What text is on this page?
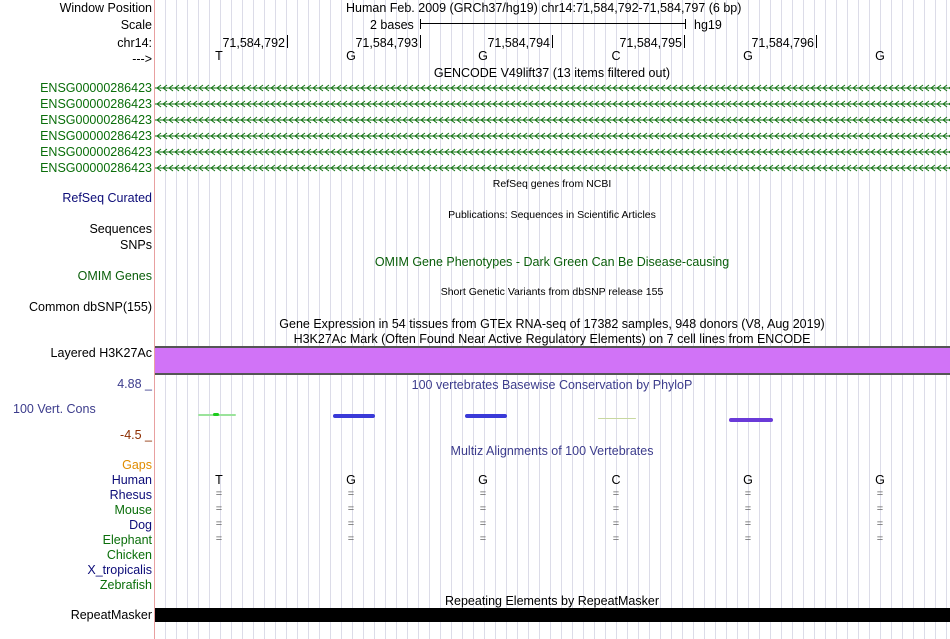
Window Position	Human Feb. 2009 (GRCh37/hg19) chr14:71,584,792-71,584,797 (6 bp)
Scale	2 bases	hg19
chr14:	71,584,792	71,584,793	71,584,794	71,584,795	71,584,796
--->	T	G	G	C	G	G
GENCODE V49lift37 (13 items filtered out)
ENSG00000286423
ENSG00000286423
ENSG00000286423
ENSG00000286423
ENSG00000286423
ENSG00000286423
RefSeq genes from NCBI
RefSeq Curated
Publications: Sequences in Scientific Articles
Sequences
SNPs
OMIM Gene Phenotypes - Dark Green Can Be Disease-causing
OMIM Genes
Short Genetic Variants from dbSNP release 155
Common dbSNP(155)
Gene Expression in 54 tissues from GTEx RNA-seq of 17382 samples, 948 donors (V8, Aug 2019)
H3K27Ac Mark (Often Found Near Active Regulatory Elements) on 7 cell lines from ENCODE
Layered H3K27Ac
4.88 _	100 vertebrates Basewise Conservation by PhyloP
100 Vert. Cons
-4.5 _
Multiz Alignments of 100 Vertebrates
Gaps
Human	T	G	G	C	G	G
Rhesus	=	=	=	=	=	=
Mouse	=	=	=	=	=	=
Dog	=	=	=	=	=	=
Elephant	=	=	=	=	=	=
Chicken
X_tropicalis
Zebrafish
Repeating Elements by RepeatMasker
RepeatMasker
